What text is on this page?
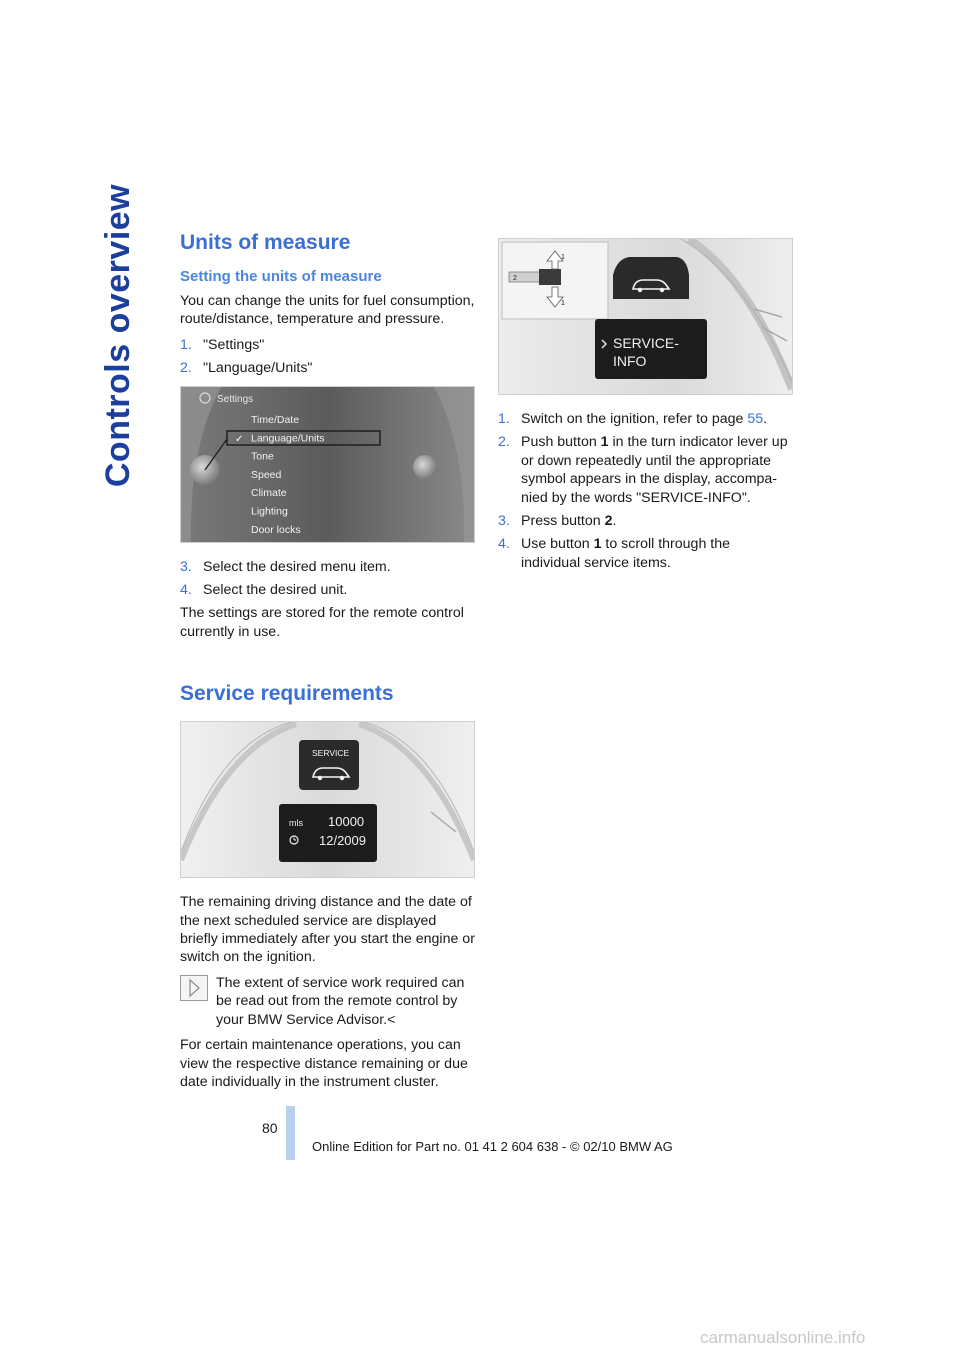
Controls overview Units of measure
Setting the units of measure

You can change the units for fuel consumption, route/distance, temperature and pressure.

1. "Settings"
2. "Language/Units"
Settings
✓
Time/Date
Language/Units
Tone
Speed
Climate
Lighting
Door locks
3. Select the desired menu item.
4. Select the desired unit.

The settings are stored for the remote control currently in use.

Service requirements
SERVICE
mls 10000
12/2009

The remaining driving distance and the date of the next scheduled service are displayed briefly immediately after you start the engine or switch on the ignition.

The extent of service work required can be read out from the remote control by your BMW Service Advisor.<

For certain maintenance operations, you can view the respective distance remaining or due date individually in the instrument cluster.

1
1
2
SERVICE-
INFO
1. Switch on the ignition, refer to page 55.
2. Push button 1 in the turn indicator lever up or down repeatedly until the appropriate symbol appears in the display, accompa-nied by the words "SERVICE-INFO".
3. Press button 2.
4. Use button 1 to scroll through the individual service items.
80
Online Edition for Part no. 01 41 2 604 638 - © 02/10 BMW AG
carmanualsonline.info
